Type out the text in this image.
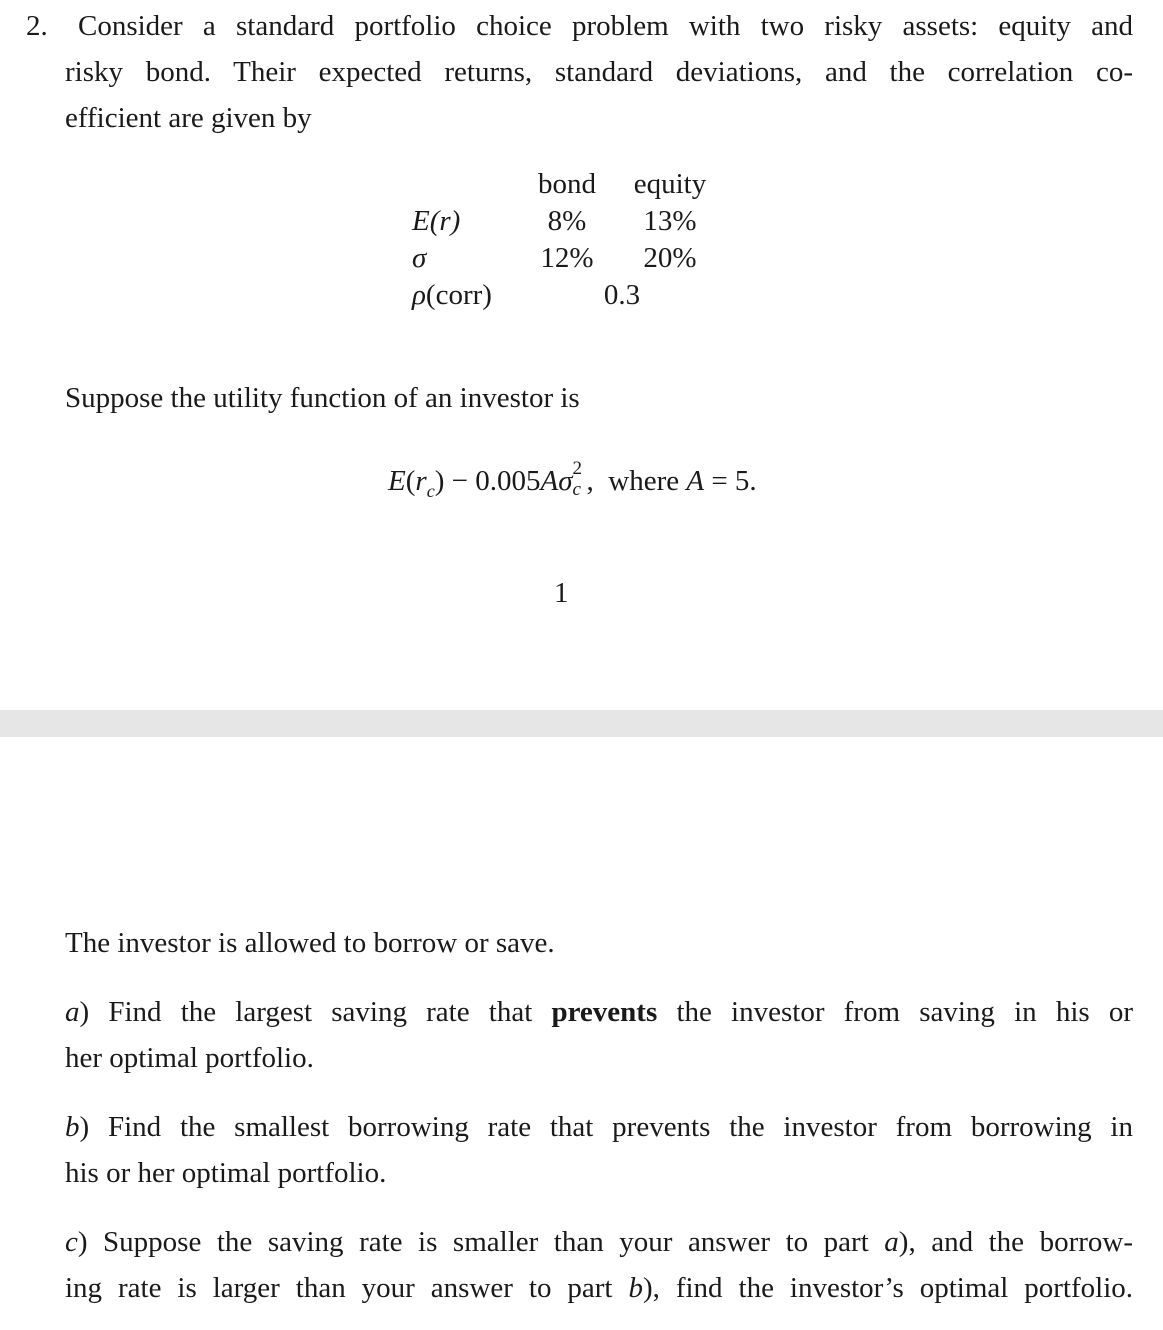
2. Consider a standard portfolio choice problem with two risky assets: equity and
risky bond. Their expected returns, standard deviations, and the correlation co-
efficient are given by
bond equity
E(r)	8% 13%
σ	12% 20%
ρ(corr)	0.3
Suppose the utility function of an investor is
$E(r_c) - 0.005A\sigma$ 2
c , where A = 5.
1
The investor is allowed to borrow or save.
a) Find the largest saving rate that prevents the investor from saving in his or
her optimal portfolio.
b) Find the smallest borrowing rate that prevents the investor from borrowing in
his or her optimal portfolio.
c) Suppose the saving rate is smaller than your answer to part a), and the borrow-
ing rate is larger than your answer to part b), find the investor’s optimal portfolio.
